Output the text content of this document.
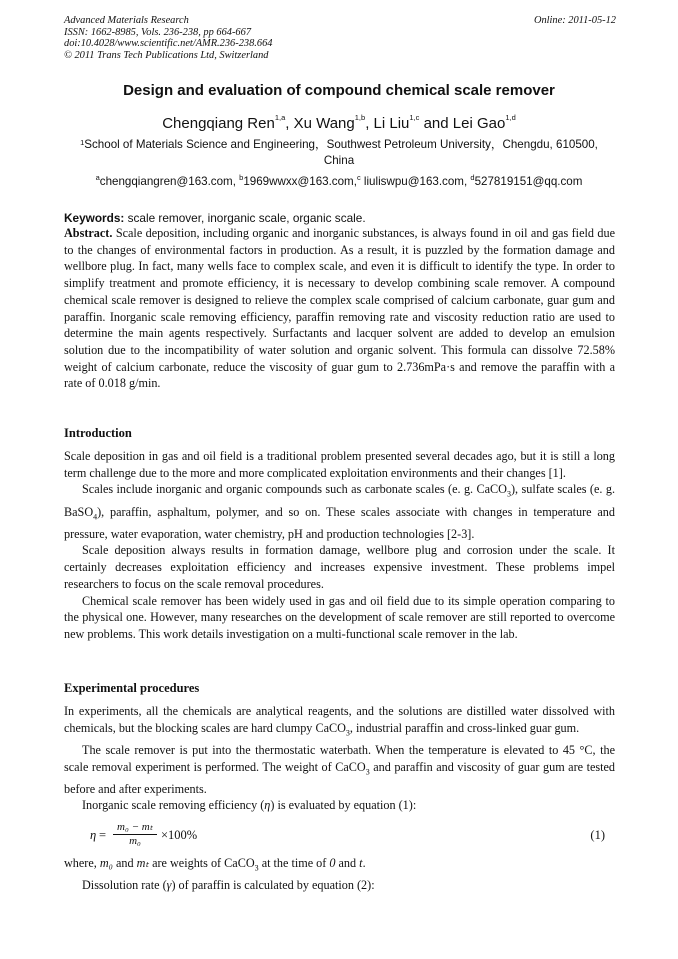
Advanced Materials Research
ISSN: 1662-8985, Vols. 236-238, pp 664-667
doi:10.4028/www.scientific.net/AMR.236-238.664
© 2011 Trans Tech Publications Ltd, Switzerland
Online: 2011-05-12
Design and evaluation of compound chemical scale remover
Chengqiang Ren$^{1,a}$, Xu Wang$^{1,b}$, Li Liu$^{1,c}$ and Lei Gao$^{1,d}$
$^1$School of Materials Science and Engineering，Southwest Petroleum University，Chengdu, 610500, China
$^a$chengqiangren@163.com, $^b$1969wwxx@163.com,$^c$ liuliswpu@163.com, $^d$527819151@qq.com
Keywords: scale remover, inorganic scale, organic scale.

Abstract. Scale deposition, including organic and inorganic substances, is always found in oil and gas field due to the changes of environmental factors in production. As a result, it is puzzled by the formation damage and wellbore plug. In fact, many wells face to complex scale, and even it is difficult to identify the type. In order to simplify treatment and promote efficiency, it is necessary to develop combining scale remover. A compound chemical scale remover is designed to relieve the complex scale comprised of calcium carbonate, guar gum and paraffin. Inorganic scale removing efficiency, paraffin removing rate and viscosity reduction ratio are used to determine the main agents respectively. Surfactants and lacquer solvent are added to develop an emulsion solution due to the incompatibility of water solution and organic solvent. This formula can dissolve 72.58% weight of calcium carbonate, reduce the viscosity of guar gum to 2.736mPa·s and remove the paraffin with a rate of 0.018 g/min.

Introduction

Scale deposition in gas and oil field is a traditional problem presented several decades ago, but it is still a long term challenge due to the more and more complicated exploitation environments and their changes [1].

Scales include inorganic and organic compounds such as carbonate scales (e. g. CaCO$_3$), sulfate scales (e. g. BaSO$_4$), paraffin, asphaltum, polymer, and so on. These scales associate with changes in temperature and pressure, water evaporation, water chemistry, pH and production technologies [2-3].

Scale deposition always results in formation damage, wellbore plug and corrosion under the scale. It certainly decreases exploitation efficiency and increases expensive investment. These problems impel researchers to focus on the scale removal procedures.

Chemical scale remover has been widely used in gas and oil field due to its simple operation comparing to the physical one. However, many researches on the development of scale remover are still reported to overcome new problems. This work details investigation on a multi-functional scale remover in the lab.

Experimental procedures

In experiments, all the chemicals are analytical reagents, and the solutions are distilled water dissolved with chemicals, but the blocking scales are hard clumpy CaCO$_3$, industrial paraffin and cross-linked guar gum.

The scale remover is put into the thermostatic waterbath. When the temperature is elevated to 45 °C, the scale removal experiment is performed. The weight of CaCO$_3$ and paraffin and viscosity of guar gum are tested before and after experiments.

Inorganic scale removing efficiency (η) is evaluated by equation (1):

$\eta = \frac{\text{m₀ − mₜ}}{\text{m₀}} \times 100\%$	(1)

where, m₀ and mₜ are weights of CaCO$_3$ at the time of 0 and t.

Dissolution rate (γ) of paraffin is calculated by equation (2):
